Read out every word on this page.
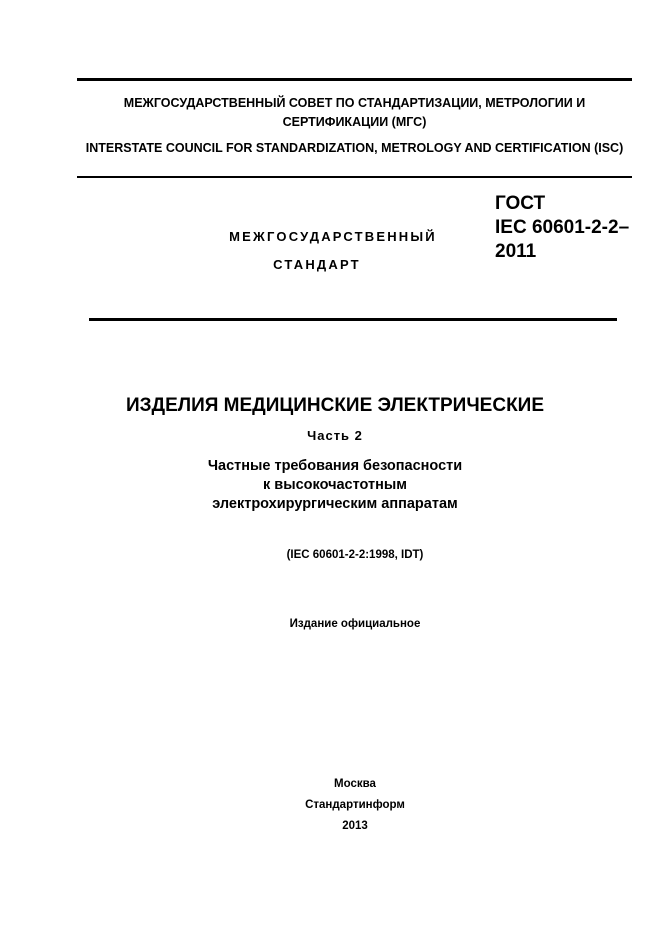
МЕЖГОСУДАРСТВЕННЫЙ СОВЕТ ПО СТАНДАРТИЗАЦИИ, МЕТРОЛОГИИ И СЕРТИФИКАЦИИ (МГС)
INTERSTATE COUNCIL FOR STANDARDIZATION, METROLOGY AND CERTIFICATION (ISC)
МЕЖГОСУДАРСТВЕННЫЙ
СТАНДАРТ
ГОСТ
IEC 60601-2-2–
2011
ИЗДЕЛИЯ МЕДИЦИНСКИЕ ЭЛЕКТРИЧЕСКИЕ
Часть 2
Частные требования безопасности
к высокочастотным
электрохирургическим аппаратам
(IEC 60601-2-2:1998, IDT)
Издание официальное
Москва
Стандартинформ
2013
